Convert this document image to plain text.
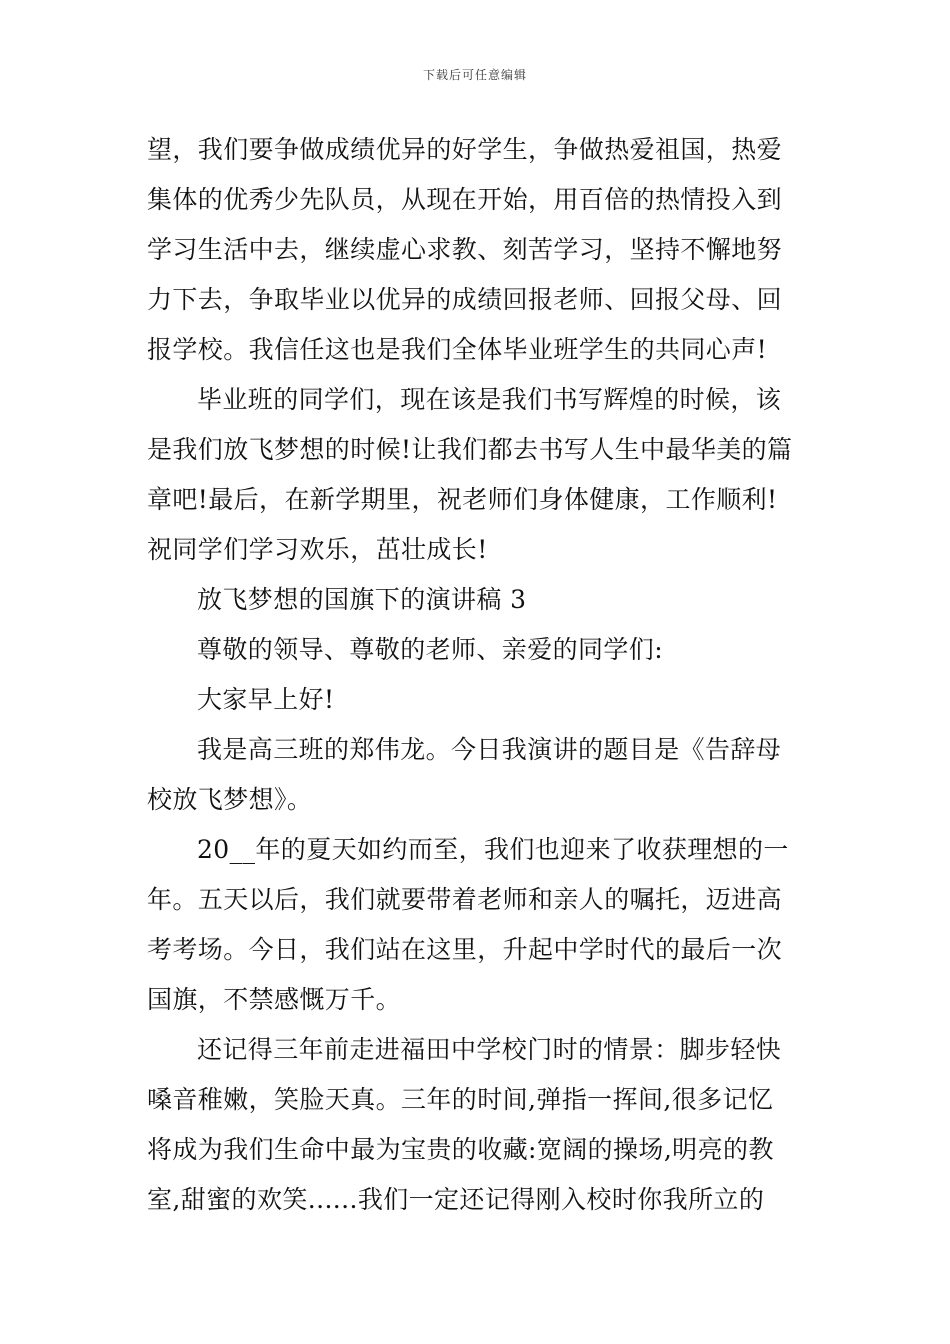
下载后可任意编辑
望，我们要争做成绩优异的好学生，争做热爱祖国，热爱
集体的优秀少先队员，从现在开始，用百倍的热情投入到
学习生活中去，继续虚心求教、刻苦学习，坚持不懈地努
力下去，争取毕业以优异的成绩回报老师、回报父母、回
报学校。我信任这也是我们全体毕业班学生的共同心声!
毕业班的同学们，现在该是我们书写辉煌的时候，该
是我们放飞梦想的时候!让我们都去书写人生中最华美的篇
章吧!最后，在新学期里，祝老师们身体健康，工作顺利!
祝同学们学习欢乐，茁壮成长!
放飞梦想的国旗下的演讲稿 3
尊敬的领导、尊敬的老师、亲爱的同学们:
大家早上好!
我是高三班的郑伟龙。今日我演讲的题目是《告辞母
校放飞梦想》。
20__年的夏天如约而至，我们也迎来了收获理想的一
年。五天以后，我们就要带着老师和亲人的嘱托，迈进高
考考场。今日，我们站在这里，升起中学时代的最后一次
国旗，不禁感慨万千。
还记得三年前走进福田中学校门时的情景：脚步轻快
嗓音稚嫩，笑脸天真。三年的时间,弹指一挥间,很多记忆
将成为我们生命中最为宝贵的收藏:宽阔的操场,明亮的教
室,甜蜜的欢笑......我们一定还记得刚入校时你我所立的
